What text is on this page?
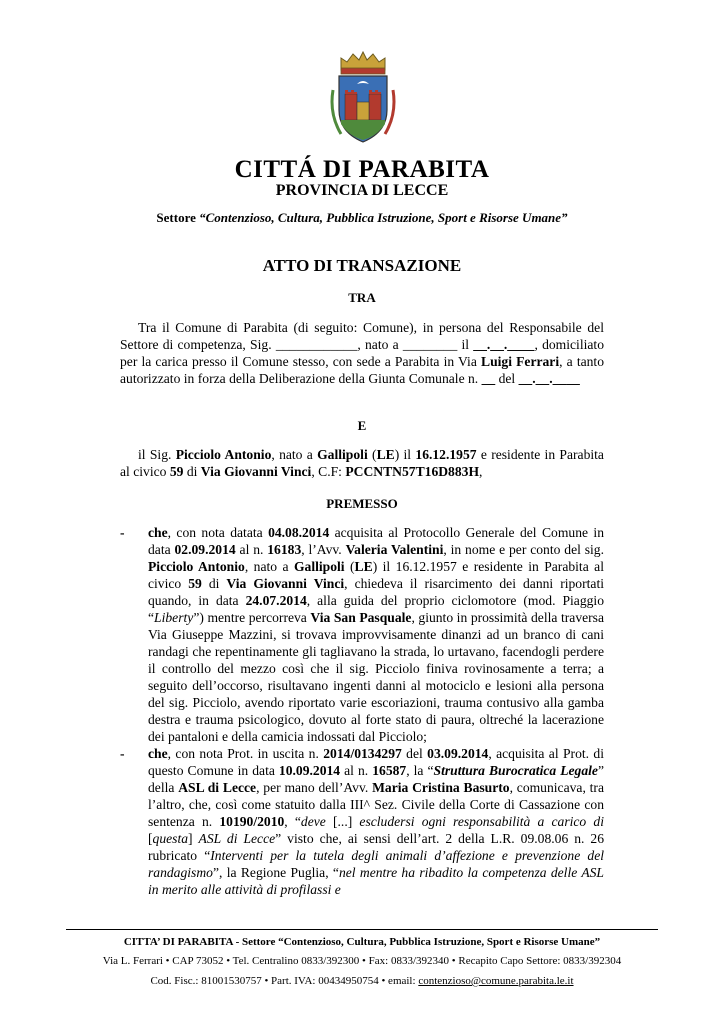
CITTÁ DI PARABITA
PROVINCIA DI LECCE
Settore “Contenzioso, Cultura, Pubblica Istruzione, Sport e Risorse Umane”
ATTO DI TRANSAZIONE
TRA
Tra il Comune di Parabita (di seguito: Comune), in persona del Responsabile del Settore di competenza, Sig. ____________, nato a ________ il __.__.____, domiciliato per la carica presso il Comune stesso, con sede a Parabita in Via Luigi Ferrari, a tanto autorizzato in forza della Deliberazione della Giunta Comunale n. __ del __.__.____
E
il Sig. Picciolo Antonio, nato a Gallipoli (LE) il 16.12.1957 e residente in Parabita al civico 59 di Via Giovanni Vinci, C.F: PCCNTN57T16D883H,
PREMESSO
- che, con nota datata 04.08.2014 acquisita al Protocollo Generale del Comune in data 02.09.2014 al n. 16183, l’Avv. Valeria Valentini, in nome e per conto del sig. Picciolo Antonio, nato a Gallipoli (LE) il 16.12.1957 e residente in Parabita al civico 59 di Via Giovanni Vinci, chiedeva il risarcimento dei danni riportati quando, in data 24.07.2014, alla guida del proprio ciclomotore (mod. Piaggio “Liberty”) mentre percorreva Via San Pasquale, giunto in prossimità della traversa Via Giuseppe Mazzini, si trovava improvvisamente dinanzi ad un branco di cani randagi che repentinamente gli tagliavano la strada, lo urtavano, facendogli perdere il controllo del mezzo così che il sig. Picciolo finiva rovinosamente a terra; a seguito dell’occorso, risultavano ingenti danni al motociclo e lesioni alla persona del sig. Picciolo, avendo riportato varie escoriazioni, trauma contusivo alla gamba destra e trauma psicologico, dovuto al forte stato di paura, oltreché la lacerazione dei pantaloni e della camicia indossati dal Picciolo;
- che, con nota Prot. in uscita n. 2014/0134297 del 03.09.2014, acquisita al Prot. di questo Comune in data 10.09.2014 al n. 16587, la “Struttura Burocratica Legale” della ASL di Lecce, per mano dell’Avv. Maria Cristina Basurto, comunicava, tra l’altro, che, così come statuito dalla III^ Sez. Civile della Corte di Cassazione con sentenza n. 10190/2010, “deve [...] escludersi ogni responsabilità a carico di [questa] ASL di Lecce” visto che, ai sensi dell’art. 2 della L.R. 09.08.06 n. 26 rubricato “Interventi per la tutela degli animali d’affezione e prevenzione del randagismo”, la Regione Puglia, “nel mentre ha ribadito la competenza delle ASL in merito alle attività di profilassi e
CITTA’ DI PARABITA - Settore “Contenzioso, Cultura, Pubblica Istruzione, Sport e Risorse Umane”
Via L. Ferrari • CAP 73052 • Tel. Centralino 0833/392300 • Fax: 0833/392340 • Recapito Capo Settore: 0833/392304
Cod. Fisc.: 81001530757 • Part. IVA: 00434950754 • email: contenzioso@comune.parabita.le.it
